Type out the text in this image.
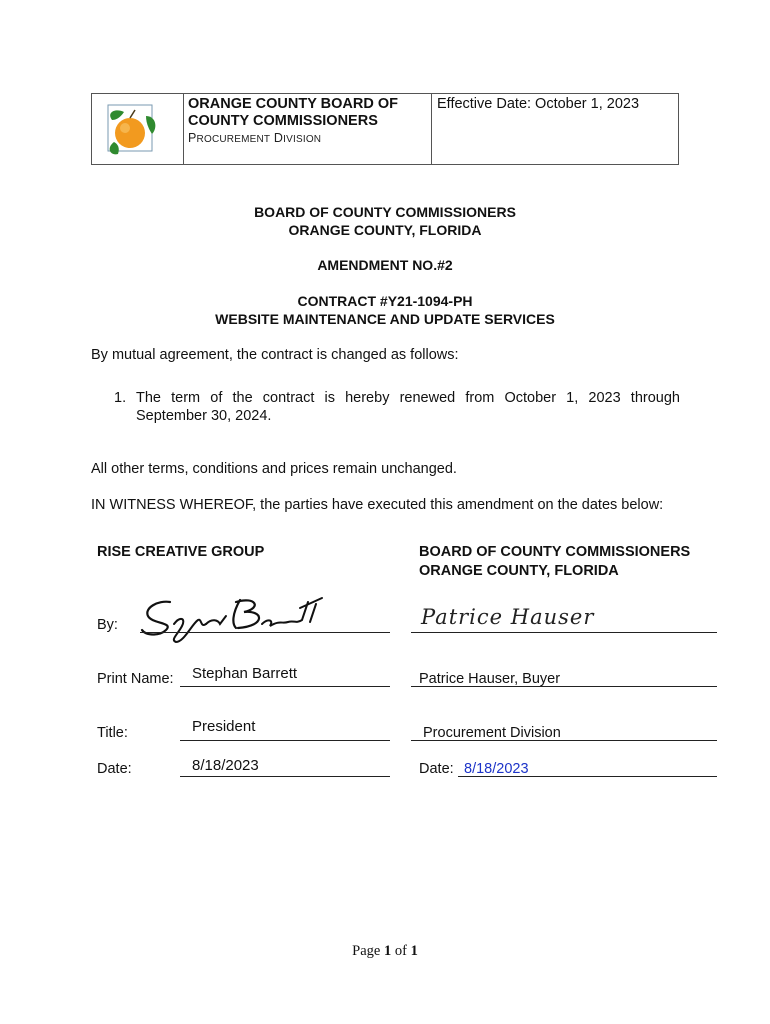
ORANGE COUNTY BOARD OF
COUNTY COMMISSIONERS
PROCUREMENT DIVISION
Effective Date: October 1, 2023
BOARD OF COUNTY COMMISSIONERS
ORANGE COUNTY, FLORIDA
AMENDMENT NO.#2
CONTRACT #Y21-1094-PH
WEBSITE MAINTENANCE AND UPDATE SERVICES
By mutual agreement, the contract is changed as follows:
1. The term of the contract is hereby renewed from October 1, 2023 through
September 30, 2024.
All other terms, conditions and prices remain unchanged.
IN WITNESS WHEREOF, the parties have executed this amendment on the dates below:
RISE CREATIVE GROUP
By:
Print Name: Stephan Barrett
Title:	President
Date:	8/18/2023
BOARD OF COUNTY COMMISSIONERS
ORANGE COUNTY, FLORIDA
Patrice Hauser
Patrice Hauser, Buyer
Procurement Division
Date: 8/18/2023
Page 1 of 1
